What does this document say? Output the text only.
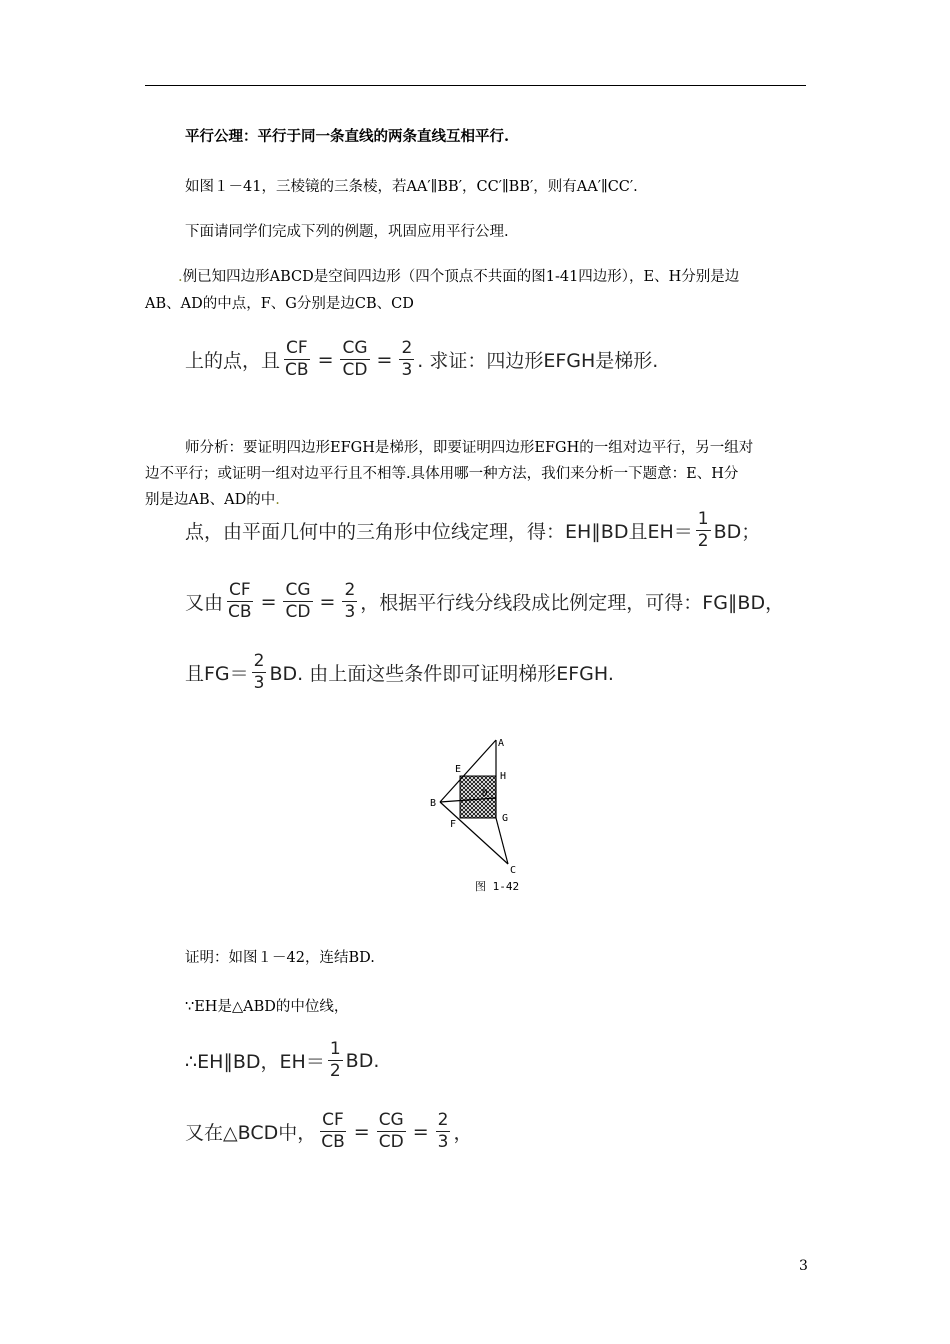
平行公理：平行于同一条直线的两条直线互相平行.
如图１－41，三棱镜的三条棱，若AA′∥BB′，CC′∥BB′，则有AA′∥CC′.
下面请同学们完成下列的例题，巩固应用平行公理.
.例已知四边形ABCD是空间四边形（四个顶点不共面的图1-41四边形），E、H分别是边
AB、AD的中点，F、G分别是边CB、CD
上的点，且 $\frac{CF}{CB} = \frac{CG}{CD} = \frac{2}{3}$ . 求证：四边形EFGH是梯形.
师分析：要证明四边形EFGH是梯形，即要证明四边形EFGH的一组对边平行，另一组对
边不平行；或证明一组对边平行且不相等.具体用哪一种方法，我们来分析一下题意：E、H分
别是边AB、AD的中.
点，由平面几何中的三角形中位线定理，得：EH∥BD且$EH= \frac{1}{2}$ BD；
又由 $\frac{CF}{CB} = \frac{CG}{CD} = \frac{2}{3}$ ，根据平行线分线段成比例定理，可得：FG∥BD，
且$FG= \frac{2}{3}$ BD. 由上面这些条件即可证明梯形EFGH.
A
B
C
D
E
F
G
H
图 1-42
证明：如图１－42，连结BD.
∵EH是△ABD的中位线，
∴EH∥BD，$EH= \frac{1}{2}$ BD.
又在△BCD中， $\frac{CF}{CB} = \frac{CG}{CD} = \frac{2}{3}$ ，
3
